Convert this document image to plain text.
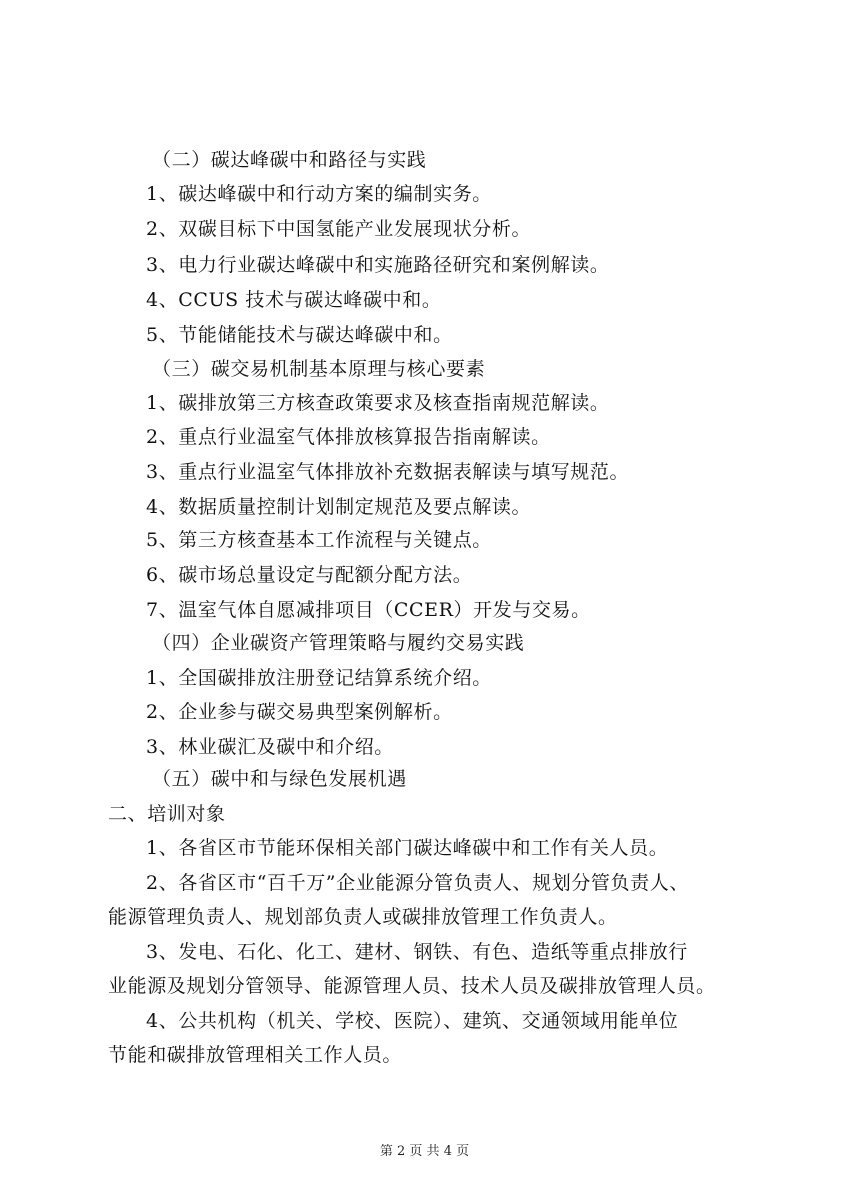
（二）碳达峰碳中和路径与实践
1、碳达峰碳中和行动方案的编制实务。
2、双碳目标下中国氢能产业发展现状分析。
3、电力行业碳达峰碳中和实施路径研究和案例解读。
4、CCUS 技术与碳达峰碳中和。
5、节能储能技术与碳达峰碳中和。
（三）碳交易机制基本原理与核心要素
1、碳排放第三方核查政策要求及核查指南规范解读。
2、重点行业温室气体排放核算报告指南解读。
3、重点行业温室气体排放补充数据表解读与填写规范。
4、数据质量控制计划制定规范及要点解读。
5、第三方核查基本工作流程与关键点。
6、碳市场总量设定与配额分配方法。
7、温室气体自愿减排项目（CCER）开发与交易。
（四）企业碳资产管理策略与履约交易实践
1、全国碳排放注册登记结算系统介绍。
2、企业参与碳交易典型案例解析。
3、林业碳汇及碳中和介绍。
（五）碳中和与绿色发展机遇
二、培训对象
1、各省区市节能环保相关部门碳达峰碳中和工作有关人员。
2、各省区市“百千万”企业能源分管负责人、规划分管负责人、
能源管理负责人、规划部负责人或碳排放管理工作负责人。
3、发电、石化、化工、建材、钢铁、有色、造纸等重点排放行
业能源及规划分管领导、能源管理人员、技术人员及碳排放管理人员。
4、公共机构（机关、学校、医院）、建筑、交通领域用能单位
节能和碳排放管理相关工作人员。
第 2 页 共 4 页
